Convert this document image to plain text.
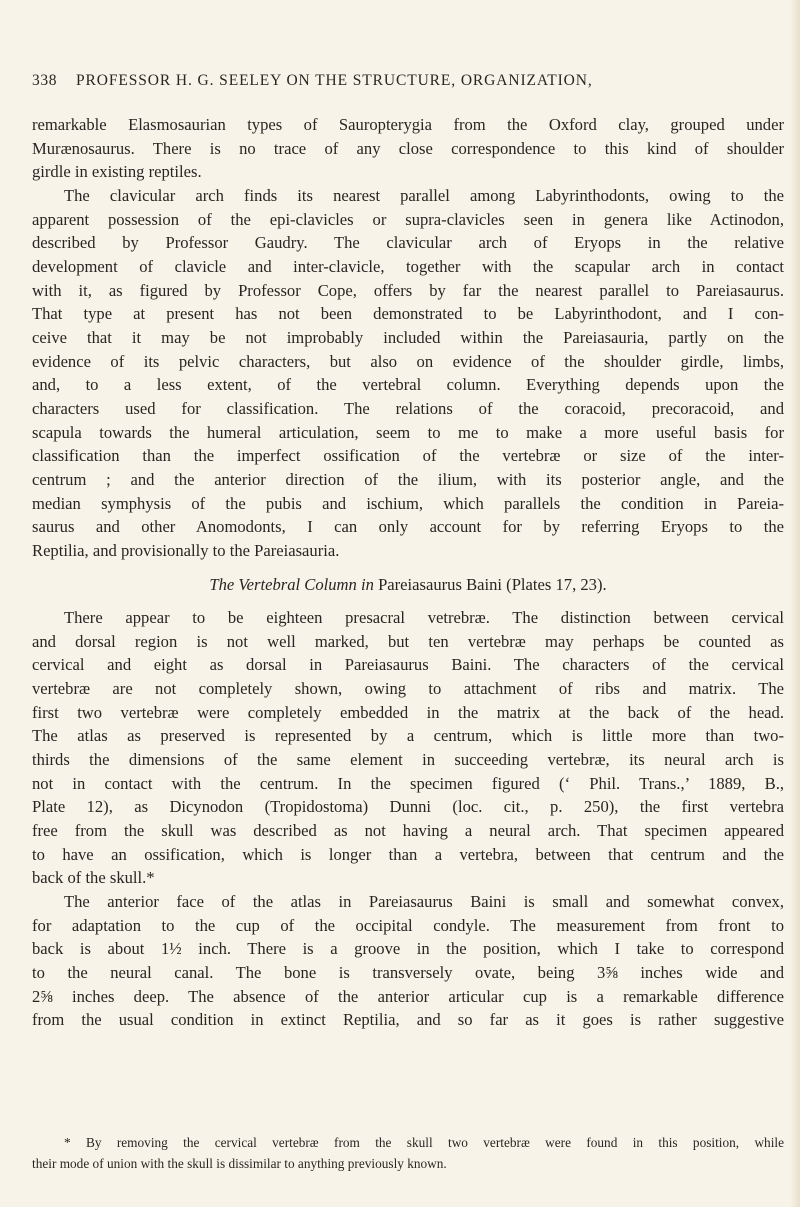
338	PROFESSOR H. G. SEELEY ON THE STRUCTURE, ORGANIZATION,

remarkable Elasmosaurian types of Sauropterygia from the Oxford clay, grouped under
Murænosaurus. There is no trace of any close correspondence to this kind of shoulder
girdle in existing reptiles.

The clavicular arch finds its nearest parallel among Labyrinthodonts, owing to the
apparent possession of the epi-clavicles or supra-clavicles seen in genera like Actinodon,
described by Professor Gaudry. The clavicular arch of Eryops in the relative
development of clavicle and inter-clavicle, together with the scapular arch in contact
with it, as figured by Professor Cope, offers by far the nearest parallel to Pareiasaurus.
That type at present has not been demonstrated to be Labyrinthodont, and I con-
ceive that it may be not improbably included within the Pareiasauria, partly on the
evidence of its pelvic characters, but also on evidence of the shoulder girdle, limbs,
and, to a less extent, of the vertebral column. Everything depends upon the
characters used for classification. The relations of the coracoid, precoracoid, and
scapula towards the humeral articulation, seem to me to make a more useful basis for
classification than the imperfect ossification of the vertebræ or size of the inter-
centrum ; and the anterior direction of the ilium, with its posterior angle, and the
median symphysis of the pubis and ischium, which parallels the condition in Pareia-
saurus and other Anomodonts, I can only account for by referring Eryops to the
Reptilia, and provisionally to the Pareiasauria.

The Vertebral Column in Pareiasaurus Baini (Plates 17, 23).

There appear to be eighteen presacral vetrebræ. The distinction between cervical
and dorsal region is not well marked, but ten vertebræ may perhaps be counted as
cervical and eight as dorsal in Pareiasaurus Baini. The characters of the cervical
vertebræ are not completely shown, owing to attachment of ribs and matrix. The
first two vertebræ were completely embedded in the matrix at the back of the head.
The atlas as preserved is represented by a centrum, which is little more than two-
thirds the dimensions of the same element in succeeding vertebræ, its neural arch is
not in contact with the centrum. In the specimen figured (‘ Phil. Trans.,’ 1889, B.,
Plate 12), as Dicynodon (Tropidostoma) Dunni (loc. cit., p. 250), the first vertebra
free from the skull was described as not having a neural arch. That specimen appeared
to have an ossification, which is longer than a vertebra, between that centrum and the
back of the skull.*

The anterior face of the atlas in Pareiasaurus Baini is small and somewhat convex,
for adaptation to the cup of the occipital condyle. The measurement from front to
back is about 1½ inch. There is a groove in the position, which I take to correspond
to the neural canal. The bone is transversely ovate, being 3⅝ inches wide and
2⅝ inches deep. The absence of the anterior articular cup is a remarkable difference
from the usual condition in extinct Reptilia, and so far as it goes is rather suggestive

* By removing the cervical vertebræ from the skull two vertebræ were found in this position, while
their mode of union with the skull is dissimilar to anything previously known.
